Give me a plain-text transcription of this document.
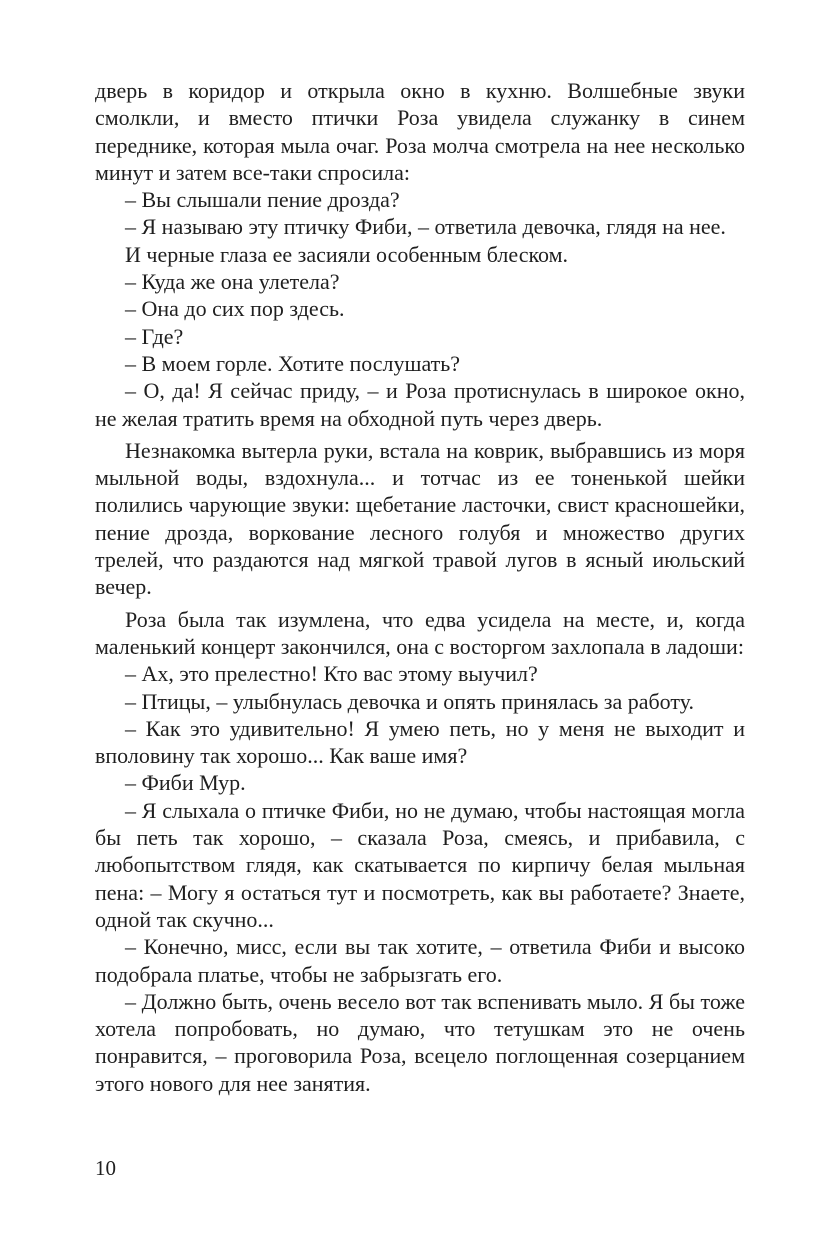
дверь в коридор и открыла окно в кухню. Волшебные звуки смолкли, и вместо птички Роза увидела служанку в синем переднике, которая мыла очаг. Роза молча смотрела на нее несколько минут и затем все-таки спросила:

– Вы слышали пение дрозда?

– Я называю эту птичку Фиби, – ответила девочка, глядя на нее.

И черные глаза ее засияли особенным блеском.

– Куда же она улетела?

– Она до сих пор здесь.

– Где?

– В моем горле. Хотите послушать?

– О, да! Я сейчас приду, – и Роза протиснулась в широкое окно, не желая тратить время на обходной путь через дверь.

Незнакомка вытерла руки, встала на коврик, выбравшись из моря мыльной воды, вздохнула... и тотчас из ее тоненькой шейки полились чарующие звуки: щебетание ласточки, свист красношейки, пение дрозда, воркование лесного голубя и множество других трелей, что раздаются над мягкой травой лугов в ясный июльский вечер.

Роза была так изумлена, что едва усидела на месте, и, когда маленький концерт закончился, она с восторгом захлопала в ладоши:

– Ах, это прелестно! Кто вас этому выучил?

– Птицы, – улыбнулась девочка и опять принялась за работу.

– Как это удивительно! Я умею петь, но у меня не выходит и вполовину так хорошо... Как ваше имя?

– Фиби Мур.

– Я слыхала о птичке Фиби, но не думаю, чтобы настоящая могла бы петь так хорошо, – сказала Роза, смеясь, и прибавила, с любопытством глядя, как скатывается по кирпичу белая мыльная пена: – Могу я остаться тут и посмотреть, как вы работаете? Знаете, одной так скучно...

– Конечно, мисс, если вы так хотите, – ответила Фиби и высоко подобрала платье, чтобы не забрызгать его.

– Должно быть, очень весело вот так вспенивать мыло. Я бы тоже хотела попробовать, но думаю, что тетушкам это не очень понравится, – проговорила Роза, всецело поглощенная созерцанием этого нового для нее занятия.

10
